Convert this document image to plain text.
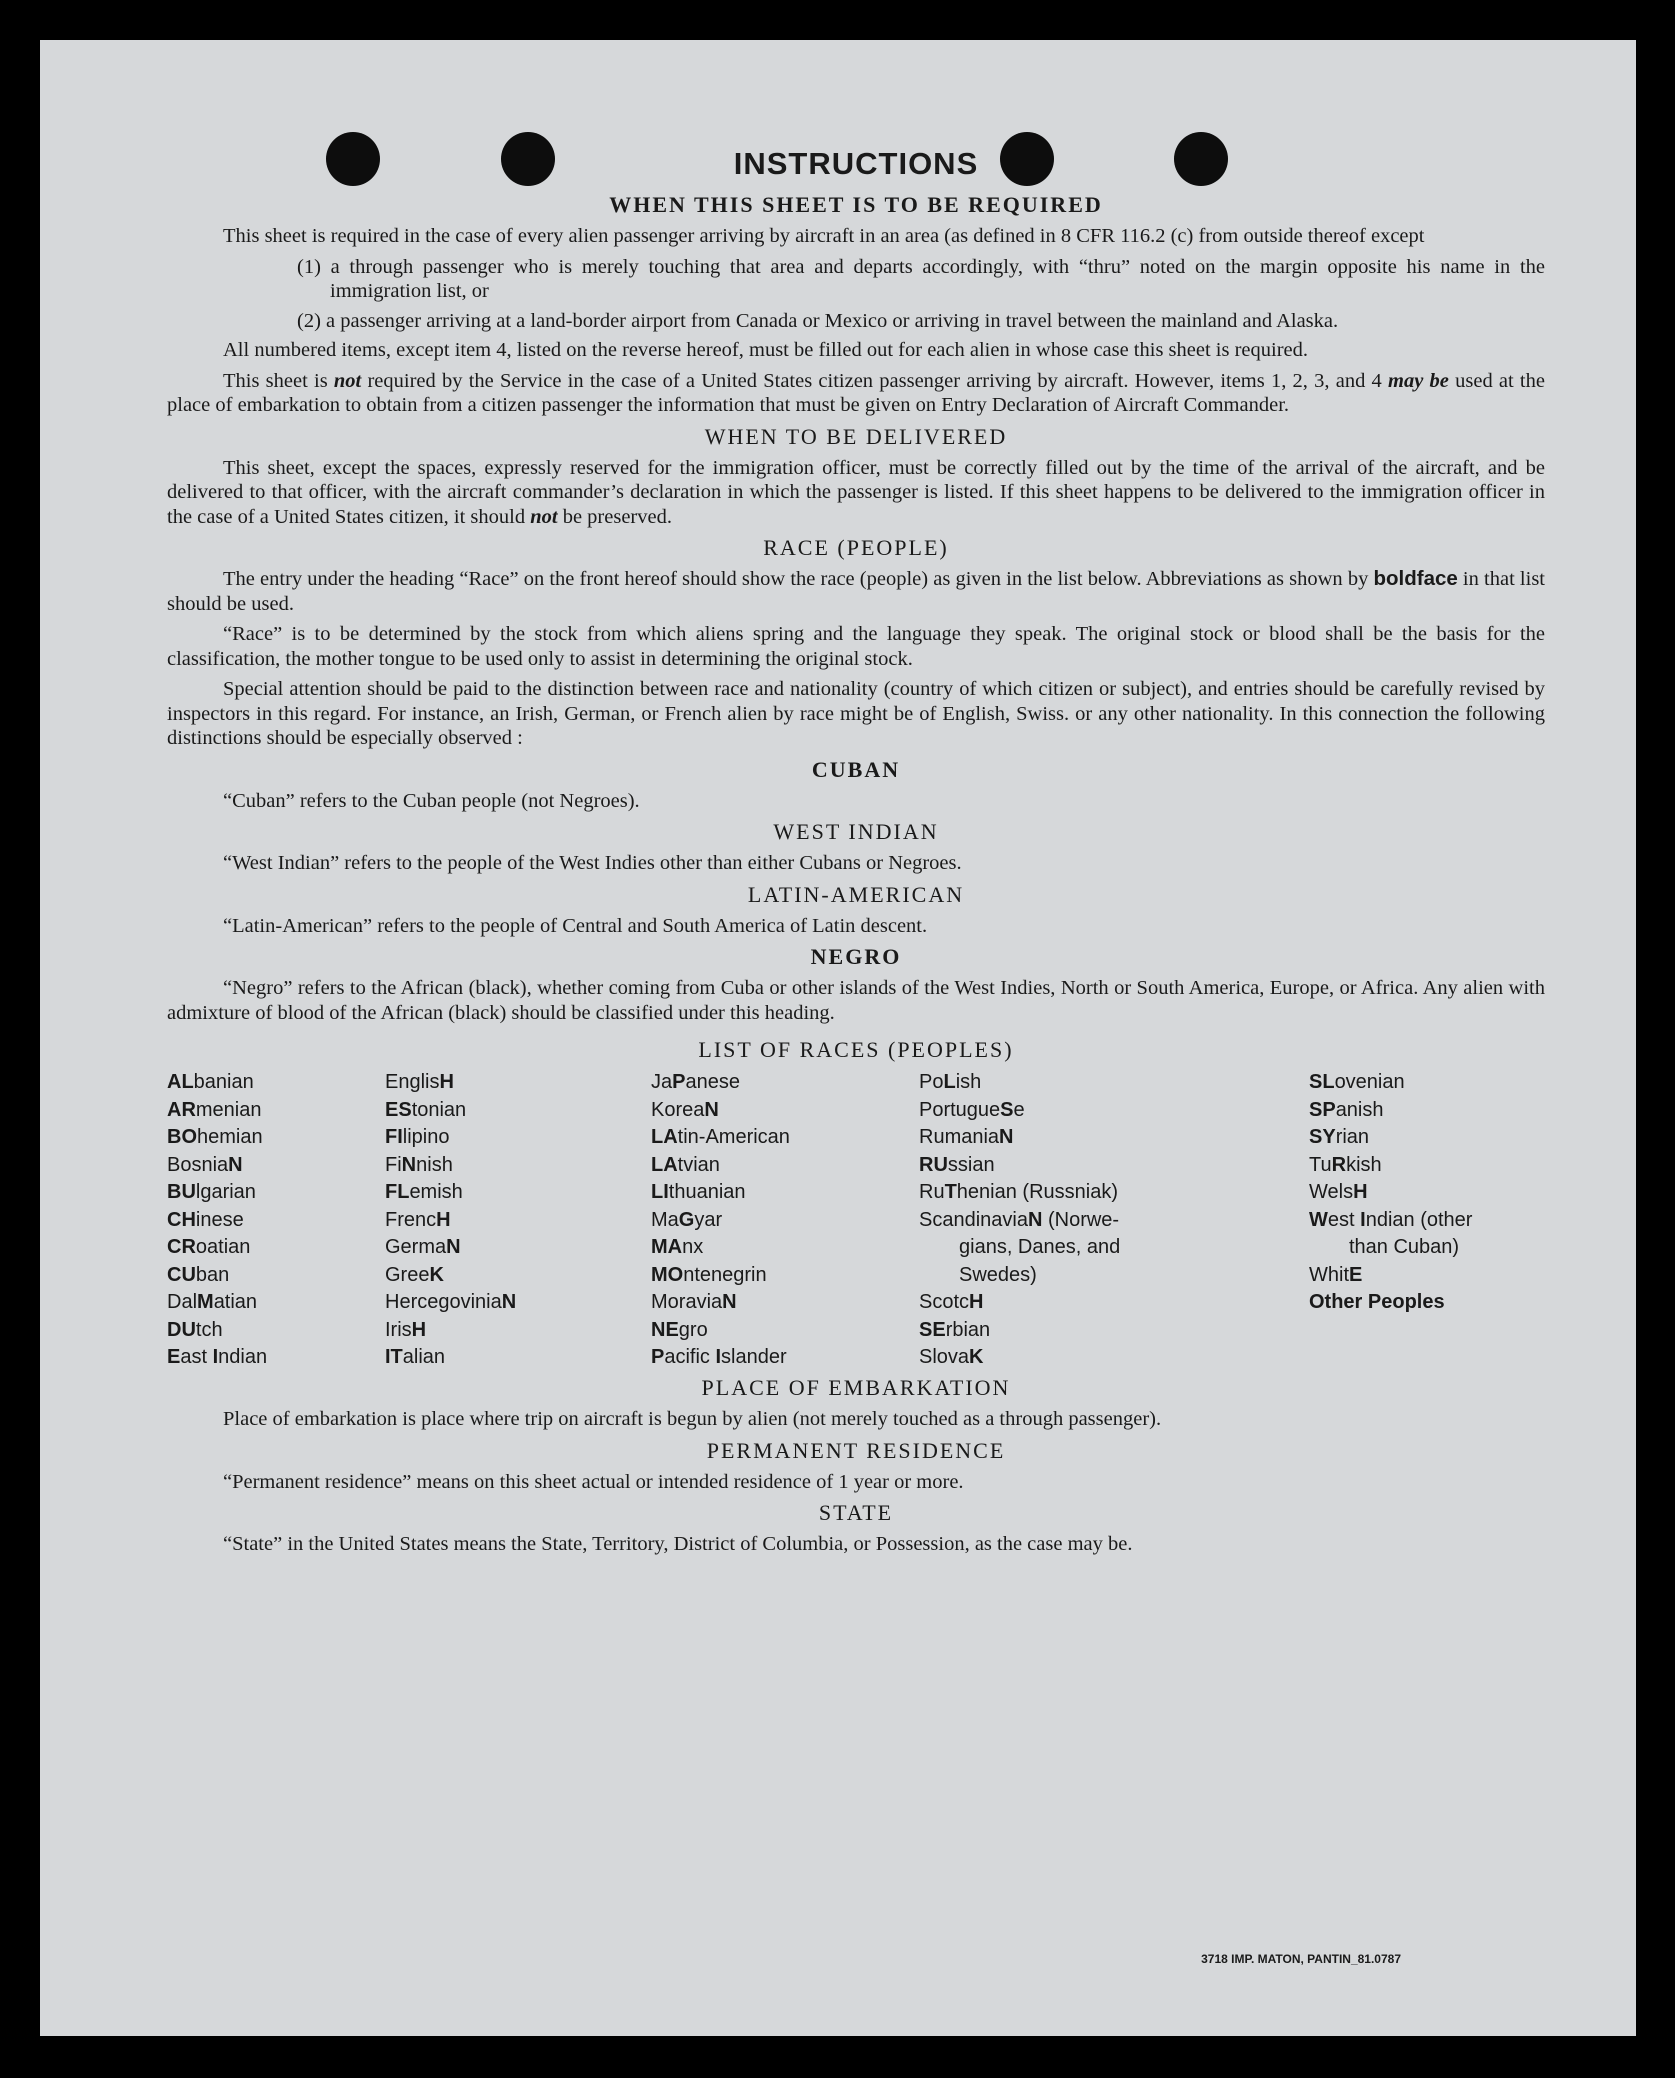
INSTRUCTIONS
WHEN THIS SHEET IS TO BE REQUIRED

This sheet is required in the case of every alien passenger arriving by aircraft in an area (as defined in 8 CFR 116.2 (c) from outside thereof except

(1) a through passenger who is merely touching that area and departs accordingly, with “thru” noted on the margin opposite his name in the immigration list, or
(2) a passenger arriving at a land-border airport from Canada or Mexico or arriving in travel between the mainland and Alaska.

All numbered items, except item 4, listed on the reverse hereof, must be filled out for each alien in whose case this sheet is required.

This sheet is not required by the Service in the case of a United States citizen passenger arriving by aircraft. However, items 1, 2, 3, and 4 may be used at the place of embarkation to obtain from a citizen passenger the information that must be given on Entry Declaration of Aircraft Commander.

WHEN TO BE DELIVERED

This sheet, except the spaces, expressly reserved for the immigration officer, must be correctly filled out by the time of the arrival of the aircraft, and be delivered to that officer, with the aircraft commander’s declaration in which the passenger is listed. If this sheet happens to be delivered to the immigration officer in the case of a United States citizen, it should not be preserved.

RACE (PEOPLE)

The entry under the heading “Race” on the front hereof should show the race (people) as given in the list below. Abbreviations as shown by boldface in that list should be used.

“Race” is to be determined by the stock from which aliens spring and the language they speak. The original stock or blood shall be the basis for the classification, the mother tongue to be used only to assist in determining the original stock.

Special attention should be paid to the distinction between race and nationality (country of which citizen or subject), and entries should be carefully revised by inspectors in this regard. For instance, an Irish, German, or French alien by race might be of English, Swiss. or any other nationality. In this connection the following distinctions should be especially observed :

CUBAN

“Cuban” refers to the Cuban people (not Negroes).

WEST INDIAN

“West Indian” refers to the people of the West Indies other than either Cubans or Negroes.

LATIN-AMERICAN

“Latin-American” refers to the people of Central and South America of Latin descent.

NEGRO

“Negro” refers to the African (black), whether coming from Cuba or other islands of the West Indies, North or South America, Europe, or Africa. Any alien with admixture of blood of the African (black) should be classified under this heading.

LIST OF RACES (PEOPLES)
ALbanian
ARmenian
BOhemian
BosniaN
BUlgarian
CHinese
CRoatian
CUban
DalMatian
DUtch
East Indian
EnglisH
EStonian
FIlipino
FiNnish
FLemish
FrencH
GermaN
GreeK
HercegoviniaN
IrisH
ITalian
JaPanese
KoreaN
LAtin-American
LAtvian
LIthuanian
MaGyar
MAnx
MOntenegrin
MoraviaN
NEgro
Pacific Islander
PoLish
PortugueSe
RumaniaN
RUssian
RuThenian (Russniak)
ScandinaviaN (Norwe-
gians, Danes, and
Swedes)
ScotcH
SErbian
SlovaK
SLovenian
SPanish
SYrian
TuRkish
WelsH
West Indian (other
than Cuban)
WhitE
Other Peoples
PLACE OF EMBARKATION

Place of embarkation is place where trip on aircraft is begun by alien (not merely touched as a through passenger).

PERMANENT RESIDENCE

“Permanent residence” means on this sheet actual or intended residence of 1 year or more.

STATE

“State” in the United States means the State, Territory, District of Columbia, or Possession, as the case may be.

3718 IMP. MATON, PANTIN_81.0787
